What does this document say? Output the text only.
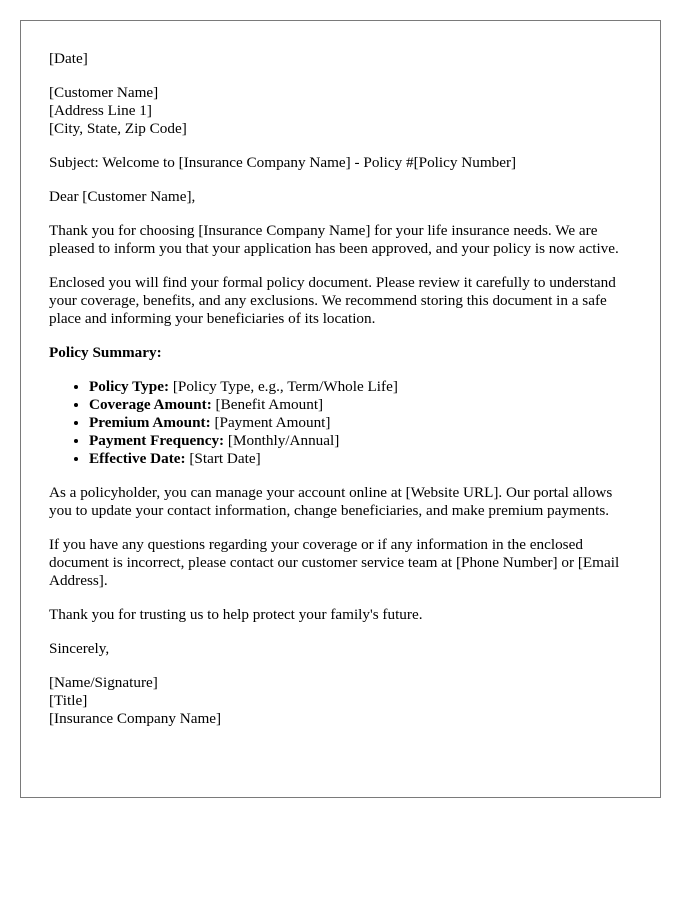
[Date]

[Customer Name]
[Address Line 1]
[City, State, Zip Code]

Subject: Welcome to [Insurance Company Name] - Policy #[Policy Number]

Dear [Customer Name],

Thank you for choosing [Insurance Company Name] for your life insurance needs. We are pleased to inform you that your application has been approved, and your policy is now active.

Enclosed you will find your formal policy document. Please review it carefully to understand your coverage, benefits, and any exclusions. We recommend storing this document in a safe place and informing your beneficiaries of its location.

Policy Summary:

• Policy Type: [Policy Type, e.g., Term/Whole Life]
• Coverage Amount: [Benefit Amount]
• Premium Amount: [Payment Amount]
• Payment Frequency: [Monthly/Annual]
• Effective Date: [Start Date]

As a policyholder, you can manage your account online at [Website URL]. Our portal allows you to update your contact information, change beneficiaries, and make premium payments.

If you have any questions regarding your coverage or if any information in the enclosed document is incorrect, please contact our customer service team at [Phone Number] or [Email Address].

Thank you for trusting us to help protect your family's future.

Sincerely,

[Name/Signature]
[Title]
[Insurance Company Name]
